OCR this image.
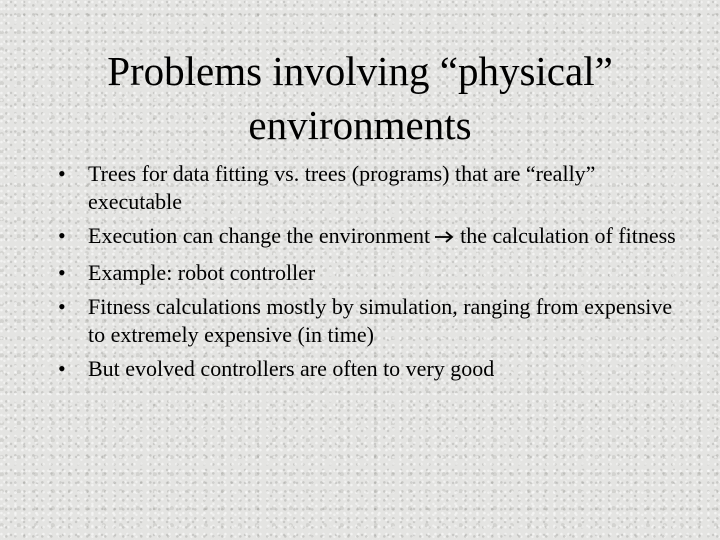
Problems involving “physical”
environments
•	Trees for data fitting vs. trees (programs) that are “really” executable
•	Execution can change the environment the calculation of fitness
•	Example: robot controller
•	Fitness calculations mostly by simulation, ranging from expensive to extremely expensive (in time)
•	But evolved controllers are often to very good
